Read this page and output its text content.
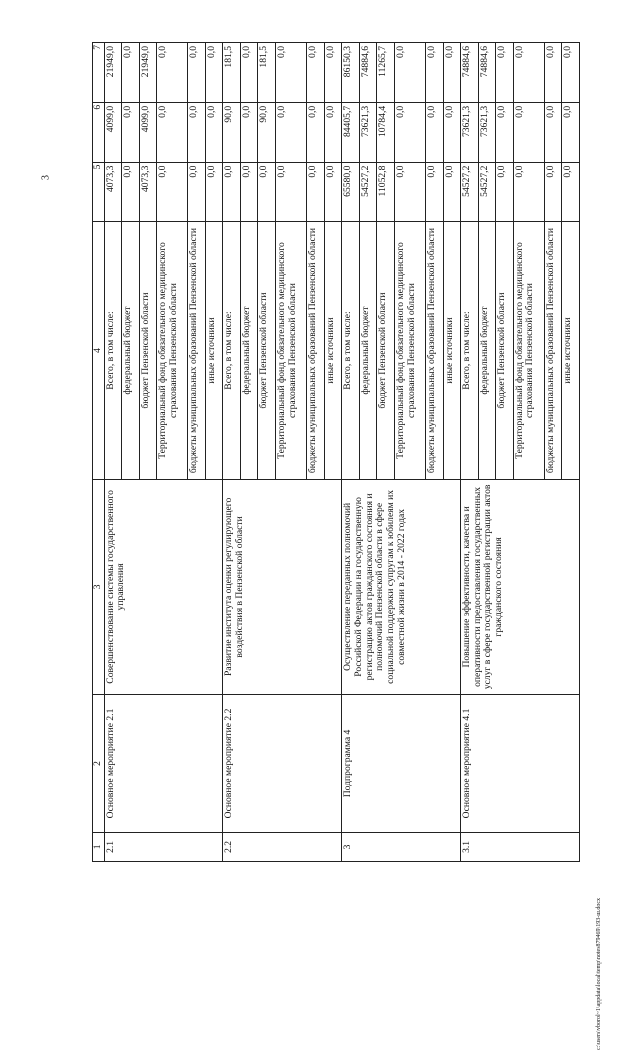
3
1	2	3	4	5	6	7
2.1	Основное мероприятие 2.1	Совершенствование системы государственного управления	Всего, в том числе:	4073,3	4099,0	21949,0
			федеральный бюджет	0,0	0,0	0,0
			бюджет Пензенской области	4073,3	4099,0	21949,0
			Территориальный фонд обязательного медицинского страхования Пензенской области	0,0	0,0	0,0
			бюджеты муниципальных образований Пензенской области	0,0	0,0	0,0
			иные источники	0,0	0,0	0,0
2.2	Основное мероприятие 2.2	Развитие института оценки регулирующего воздействия в Пензенской области	Всего, в том числе:	0,0	90,0	181,5
			федеральный бюджет	0,0	0,0	0,0
			бюджет Пензенской области	0,0	90,0	181,5
			Территориальный фонд обязательного медицинского страхования Пензенской области	0,0	0,0	0,0
			бюджеты муниципальных образований Пензенской области	0,0	0,0	0,0
			иные источники	0,0	0,0	0,0
3	Подпрограмма 4	Осуществление переданных полномочий Российской Федерации на государственную регистрацию актов гражданского состояния и полномочий Пензенской области в сфере социальной поддержки супругам к юбилеям их совместной жизни в 2014 - 2022 годах	Всего, в том числе:	65580,0	84405,7	86150,3
			федеральный бюджет	54527,2	73621,3	74884,6
			бюджет Пензенской области	11052,8	10784,4	11265,7
			Территориальный фонд обязательного медицинского страхования Пензенской области	0,0	0,0	0,0
			бюджеты муниципальных образований Пензенской области	0,0	0,0	0,0
			иные источники	0,0	0,0	0,0
3.1	Основное мероприятие 4.1	Повышение эффективности, качества и оперативности предоставления государственных услуг в сфере государственной регистрации актов гражданского состояния	Всего, в том числе:	54527,2	73621,3	74884,6
			федеральный бюджет	54527,2	73621,3	74884,6
			бюджет Пензенской области	0,0	0,0	0,0
			Территориальный фонд обязательного медицинского страхования Пензенской области	0,0	0,0	0,0
			бюджеты муниципальных образований Пензенской области	0,0	0,0	0,0
			иные источники	0,0	0,0	0,0
c:\users\vborol~1\appdata\local\temp\notes879469\193-ш.docx
